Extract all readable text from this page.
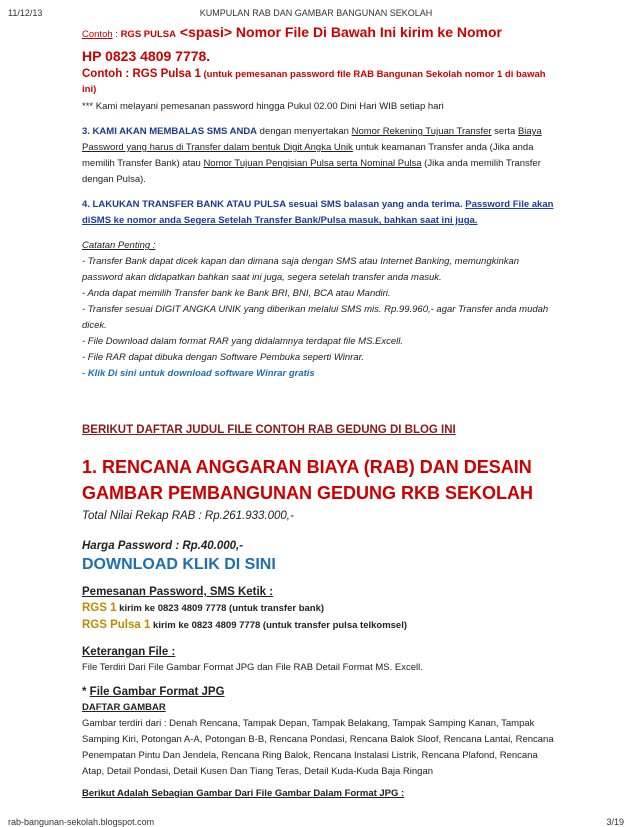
11/12/13	KUMPULAN RAB DAN GAMBAR BANGUNAN SEKOLAH

Contoh : RGS PULSA <spasi> Nomor File Di Bawah Ini kirim ke Nomor

HP 0823 4809 7778.

Contoh : RGS Pulsa 1 (untuk pemesanan password file RAB Bangunan Sekolah nomor 1 di bawah ini)

*** Kami melayani pemesanan password hingga Pukul 02.00 Dini Hari WIB setiap hari

3. KAMI AKAN MEMBALAS SMS ANDA dengan menyertakan Nomor Rekening Tujuan Transfer serta Biaya Password yang harus di Transfer dalam bentuk Digit Angka Unik untuk keamanan Transfer anda (Jika anda memilih Transfer Bank) atau Nomor Tujuan Pengisian Pulsa serta Nominal Pulsa (Jika anda memilih Transfer dengan Pulsa).

4. LAKUKAN TRANSFER BANK ATAU PULSA sesuai SMS balasan yang anda terima. Password File akan diSMS ke nomor anda Segera Setelah Transfer Bank/Pulsa masuk, bahkan saat ini juga.

Catatan Penting :

- Transfer Bank dapat dicek kapan dan dimana saja dengan SMS atau Internet Banking, memungkinkan password akan didapatkan bahkan saat ini juga, segera setelah transfer anda masuk.

- Anda dapat memilih Transfer bank ke Bank BRI, BNI, BCA atau Mandiri.

- Transfer sesuai DIGIT ANGKA UNIK yang diberikan melalui SMS mis. Rp.99.960,- agar Transfer anda mudah dicek.

- File Download dalam format RAR yang didalamnya terdapat file MS.Excell.

- File RAR dapat dibuka dengan Software Pembuka seperti Winrar.

- Klik Di sini untuk download software Winrar gratis

BERIKUT DAFTAR JUDUL FILE CONTOH RAB GEDUNG DI BLOG INI

1. RENCANA ANGGARAN BIAYA (RAB) DAN DESAIN GAMBAR PEMBANGUNAN GEDUNG RKB SEKOLAH

Total Nilai Rekap RAB : Rp.261.933.000,-

Harga Password : Rp.40.000,-

DOWNLOAD KLIK DI SINI

Pemesanan Password, SMS Ketik :

RGS 1 kirim ke 0823 4809 7778 (untuk transfer bank)

RGS Pulsa 1 kirim ke 0823 4809 7778 (untuk transfer pulsa telkomsel)

Keterangan File :

File Terdiri Dari File Gambar Format JPG dan File RAB Detail Format MS. Excell.

* File Gambar Format JPG

DAFTAR GAMBAR

Gambar terdiri dari : Denah Rencana, Tampak Depan, Tampak Belakang, Tampak Samping Kanan, Tampak Samping Kiri, Potongan A-A, Potongan B-B, Rencana Pondasi, Rencana Balok Sloof, Rencana Lantai, Rencana Penempatan Pintu Dan Jendela, Rencana Ring Balok, Rencana Instalasi Listrik, Rencana Plafond, Rencana Atap, Detail Pondasi, Detail Kusen Dan Tiang Teras, Detail Kuda-Kuda Baja Ringan

Berikut Adalah Sebagian Gambar Dari File Gambar Dalam Format JPG :

rab-bangunan-sekolah.blogspot.com	3/19
